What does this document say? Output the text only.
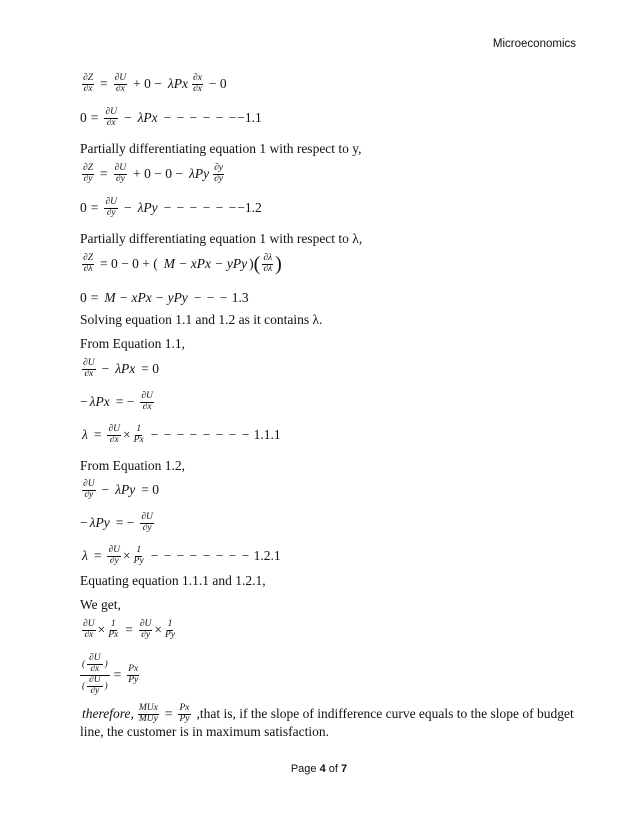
Microeconomics
$\frac{\partial Z}{\partial x} = \frac{\partial U}{\partial x} + 0 - \lambda Px \frac{\partial x}{\partial x} - 0$
$0 = \frac{\partial U}{\partial x} - \lambda Px$ − − − − − − −1.1
Partially differentiating equation 1 with respect to y,
$\frac{\partial Z}{\partial y} = \frac{\partial U}{\partial y} + 0 - 0 - \lambda Py \frac{\partial y}{\partial y}$
$0 = \frac{\partial U}{\partial y} - \lambda Py$ − − − − − − −1.2
Partially differentiating equation 1 with respect to λ,
$\frac{\partial Z}{\partial\lambda} = 0 - 0$ + ( M − xPx − yPy ) ( $\frac{\partial\lambda}{\partial\lambda}$ )
0 = M − xPx − yPy − − −
1.3
Solving equation 1.1 and 1.2 as it contains λ.
From Equation 1.1,
$\frac{\partial U}{\partial x} - \lambda Px = 0$
− λPx = − $\frac{\partial U}{\partial x}$
$\lambda = \frac{\partial U}{\partial x} \times \frac{1}{Px}$ − − − − − − − −
1.1.1
From Equation 1.2,
$\frac{\partial U}{\partial y} - \lambda Py = 0$
− λPy = − $\frac{\partial U}{\partial y}$
$\lambda = \frac{\partial U}{\partial y} \times \frac{1}{Py}$ − − − − − − − −
1.2.1
Equating equation 1.1.1 and 1.2.1,
We get,
$\frac{\partial U}{\partial x} \times \frac{1}{Px} = \frac{\partial U}{\partial y} \times \frac{1}{Py}$
$\frac{( \frac{\partial U}{\partial x} )}{( \frac{\partial U}{\partial y} )} = \frac{Px}{Py}$
therefore, $\frac{\text{MUx}}{\text{MUy}} = \frac{Px}{Py}$ ,that is, if the slope of indifference curve equals to the slope of budget
line, the customer is in maximum satisfaction.
Page 4 of 7
